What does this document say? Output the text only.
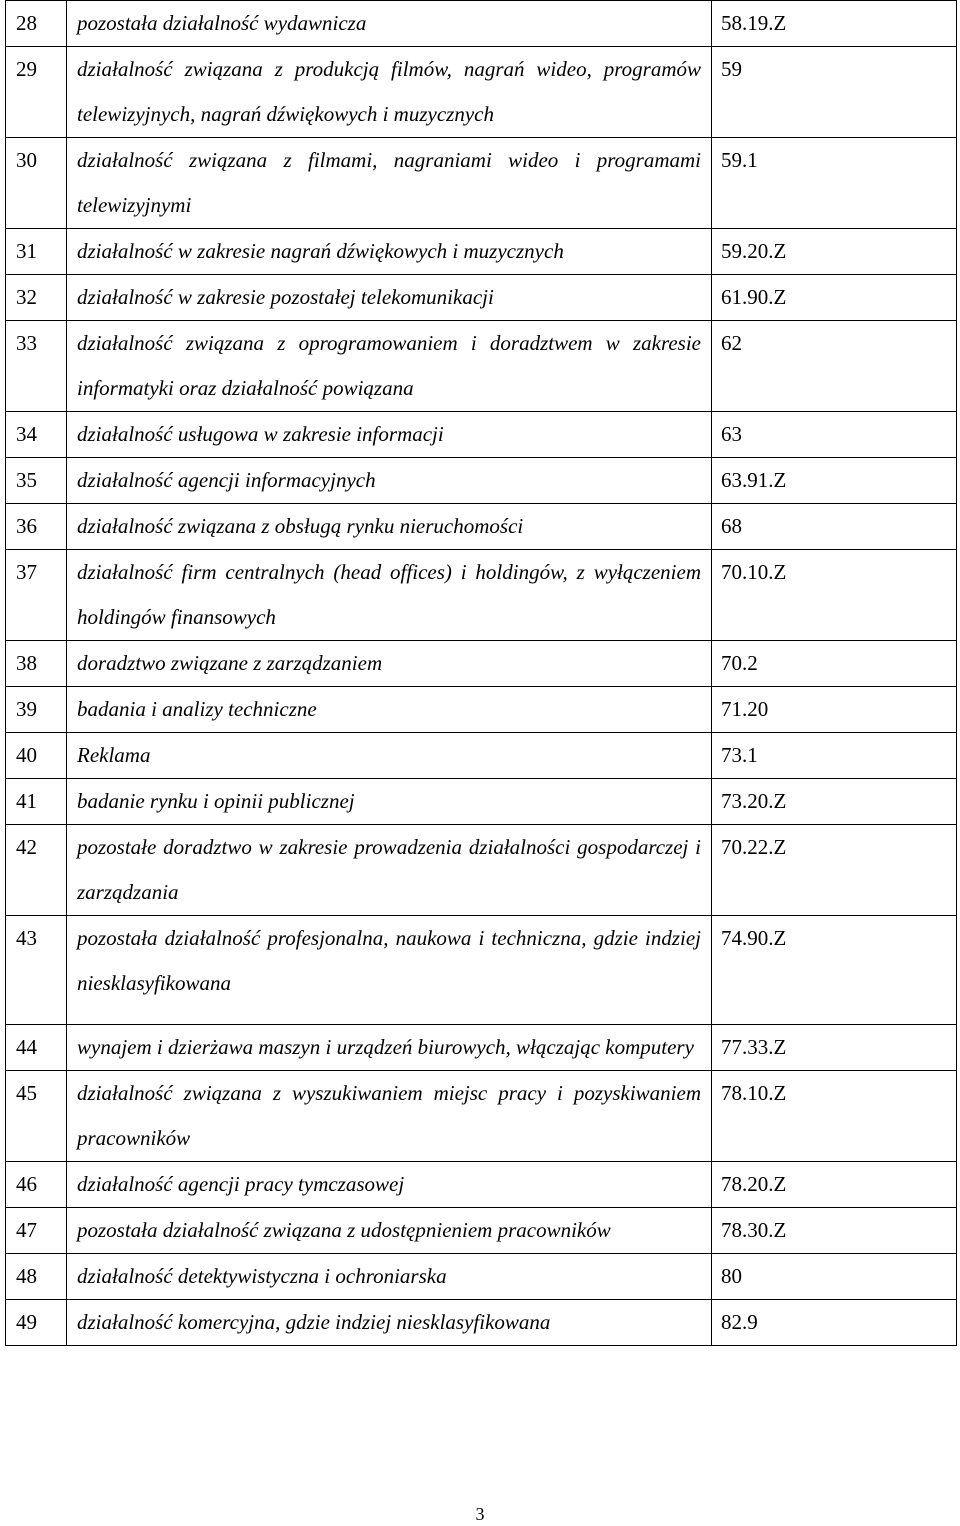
28	pozostała działalność wydawnicza	58.19.Z
29	działalność związana z produkcją filmów, nagrań wideo, programów telewizyjnych, nagrań dźwiękowych i muzycznych	59
30	działalność związana z filmami, nagraniami wideo i programami telewizyjnymi	59.1
31	działalność w zakresie nagrań dźwiękowych i muzycznych	59.20.Z
32	działalność w zakresie pozostałej telekomunikacji	61.90.Z
33	działalność związana z oprogramowaniem i doradztwem w zakresie informatyki oraz działalność powiązana	62
34	działalność usługowa w zakresie informacji	63
35	działalność agencji informacyjnych	63.91.Z
36	działalność związana z obsługą rynku nieruchomości	68
37	działalność firm centralnych (head offices) i holdingów, z wyłączeniem holdingów finansowych	70.10.Z
38	doradztwo związane z zarządzaniem	70.2
39	badania i analizy techniczne	71.20
40	Reklama	73.1
41	badanie rynku i opinii publicznej	73.20.Z
42	pozostałe doradztwo w zakresie prowadzenia działalności gospodarczej i zarządzania	70.22.Z
43	pozostała działalność profesjonalna, naukowa i techniczna, gdzie indziej niesklasyfikowana	74.90.Z
44	wynajem i dzierżawa maszyn i urządzeń biurowych, włączając komputery	77.33.Z
45	działalność związana z wyszukiwaniem miejsc pracy i pozyskiwaniem pracowników	78.10.Z
46	działalność agencji pracy tymczasowej	78.20.Z
47	pozostała działalność związana z udostępnieniem pracowników	78.30.Z
48	działalność detektywistyczna i ochroniarska	80
49	działalność komercyjna, gdzie indziej niesklasyfikowana	82.9
3
